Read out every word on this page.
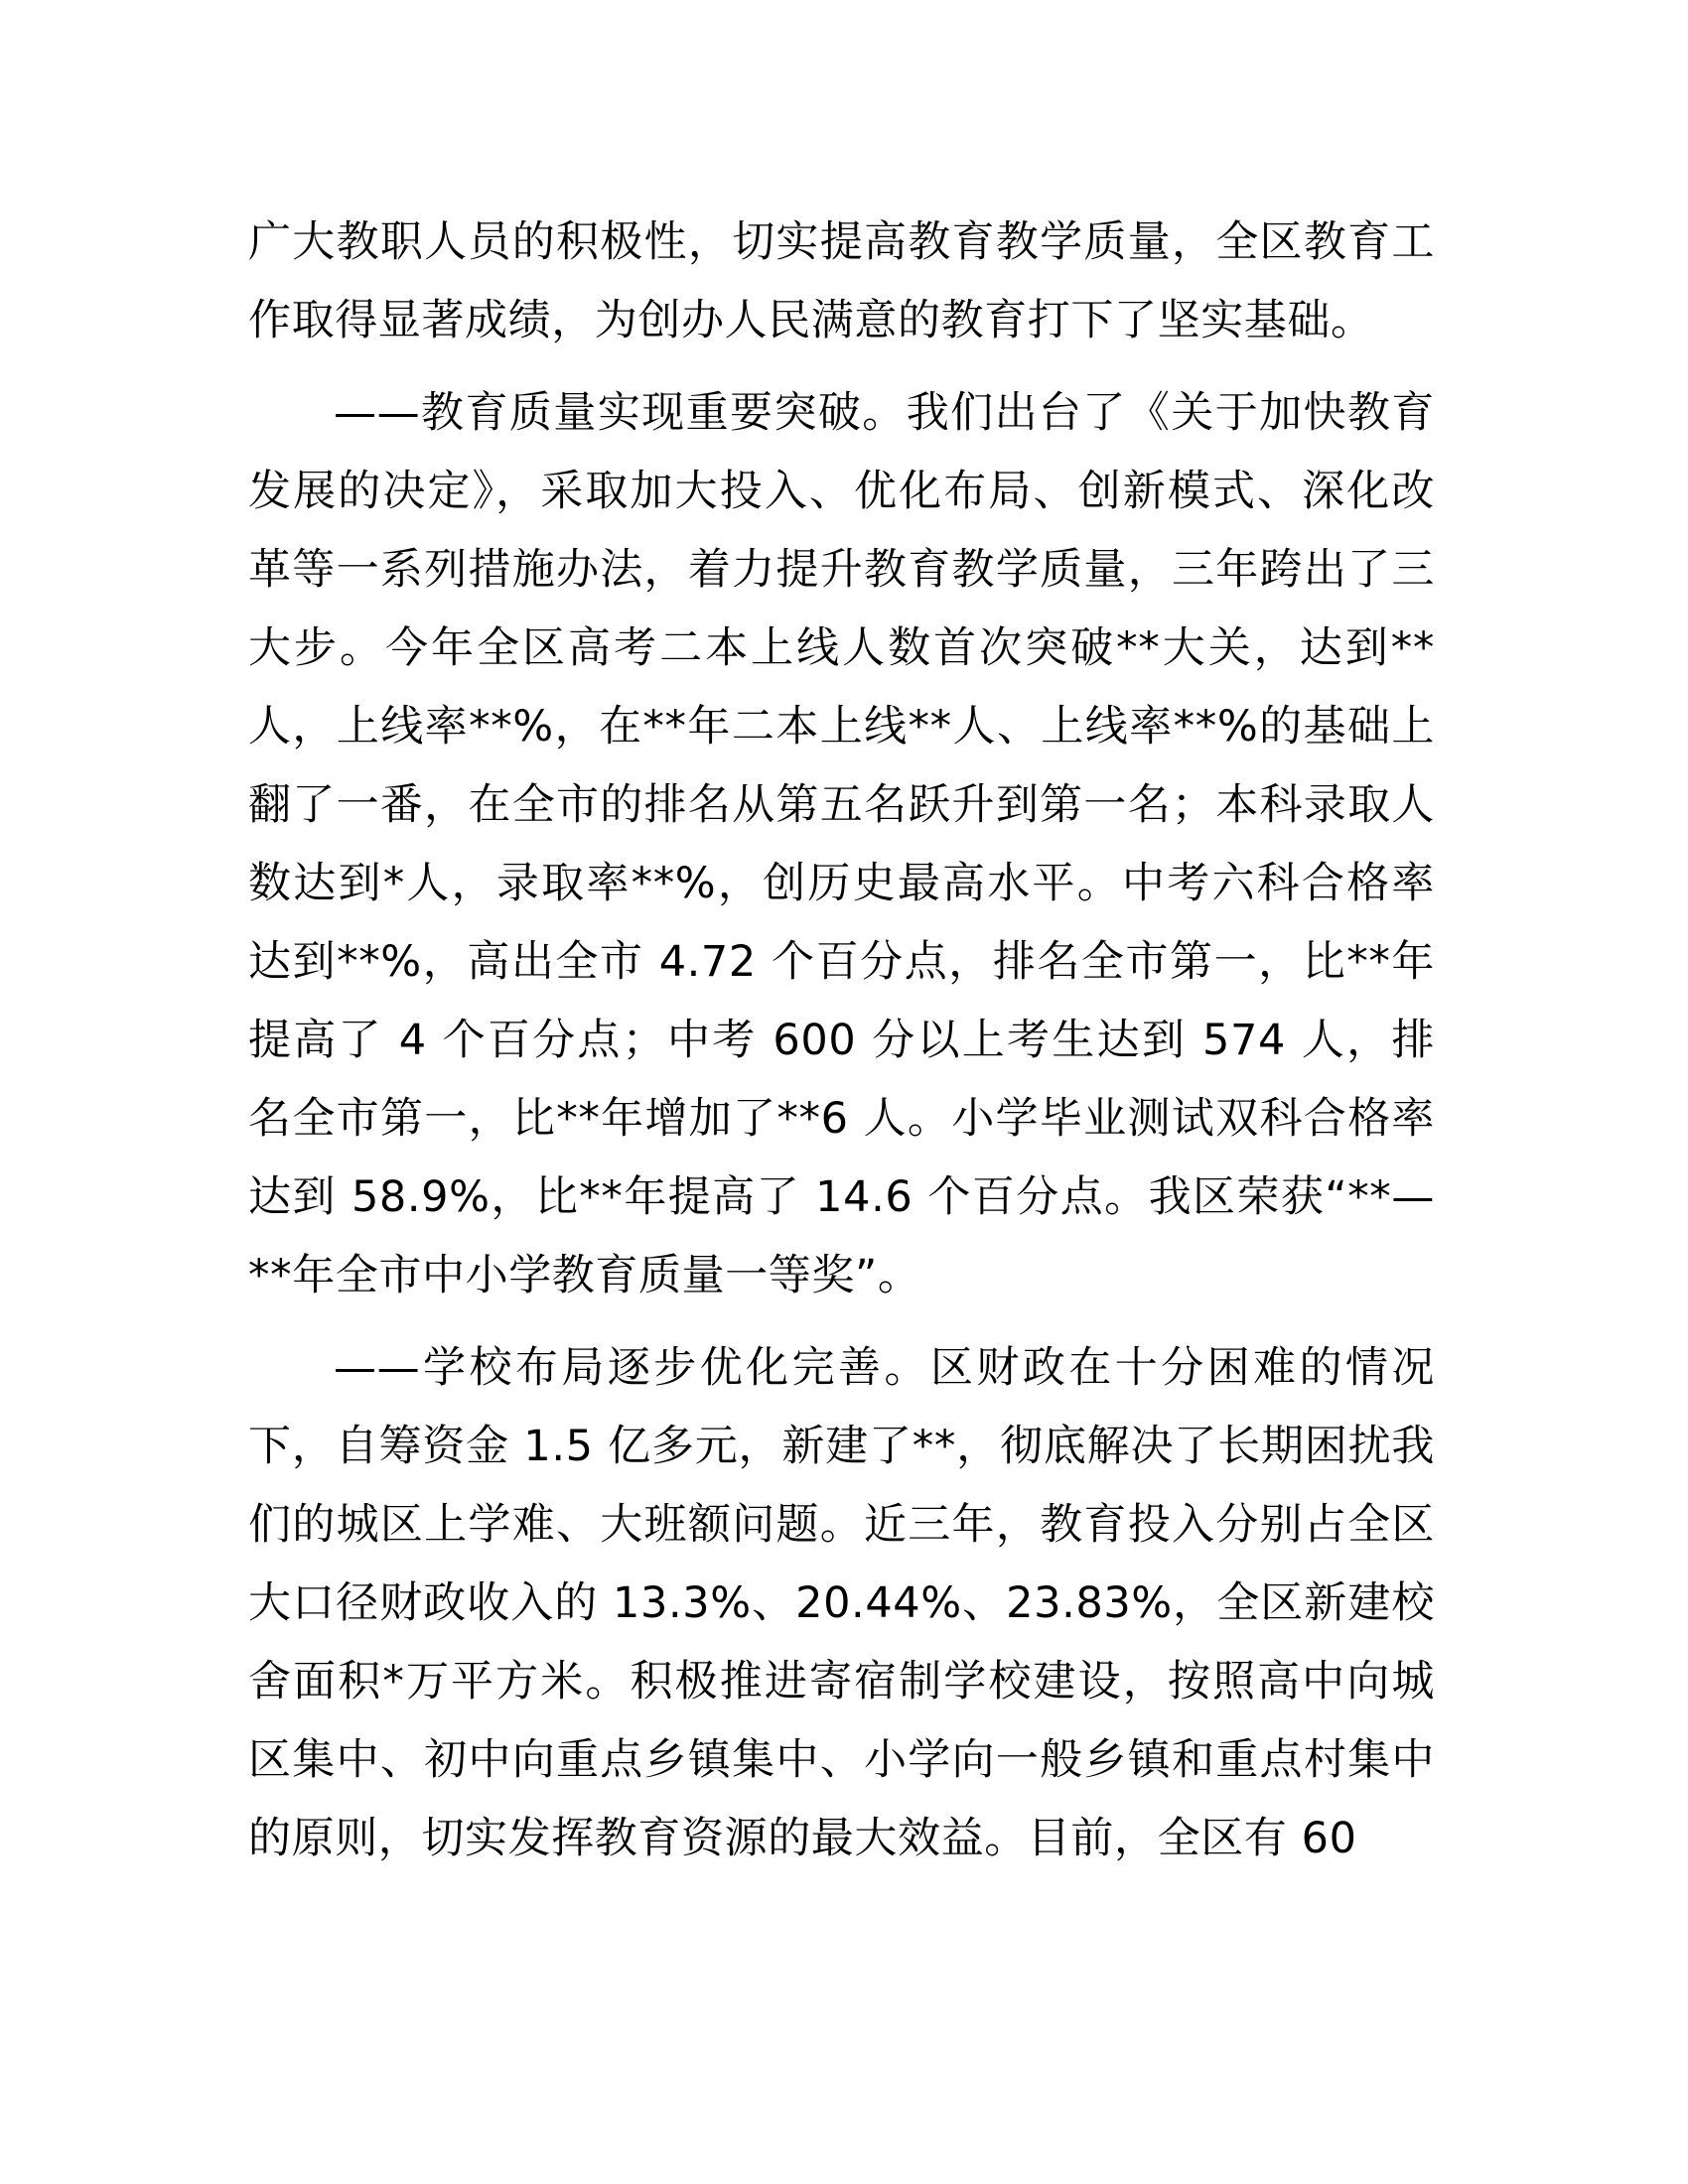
广大教职人员的积极性，切实提高教育教学质量，全区教育工作取得显著成绩，为创办人民满意的教育打下了坚实基础。

——教育质量实现重要突破。我们出台了《关于加快教育发展的决定》，采取加大投入、优化布局、创新模式、深化改革等一系列措施办法，着力提升教育教学质量，三年跨出了三大步。今年全区高考二本上线人数首次突破**大关，达到**人，上线率**%，在**年二本上线**人、上线率**%的基础上翻了一番，在全市的排名从第五名跃升到第一名；本科录取人数达到*人，录取率**%，创历史最高水平。中考六科合格率达到**%，高出全市 4.72 个百分点，排名全市第一，比**年提高了 4 个百分点；中考 600 分以上考生达到 574 人，排名全市第一，比**年增加了**6 人。小学毕业测试双科合格率达到 58.9%，比**年提高了 14.6 个百分点。我区荣获“**—**年全市中小学教育质量一等奖”。

——学校布局逐步优化完善。区财政在十分困难的情况下，自筹资金 1.5 亿多元，新建了**，彻底解决了长期困扰我们的城区上学难、大班额问题。近三年，教育投入分别占全区大口径财政收入的 13.3%、20.44%、23.83%，全区新建校舍面积*万平方米。积极推进寄宿制学校建设，按照高中向城区集中、初中向重点乡镇集中、小学向一般乡镇和重点村集中的原则，切实发挥教育资源的最大效益。目前，全区有 60
